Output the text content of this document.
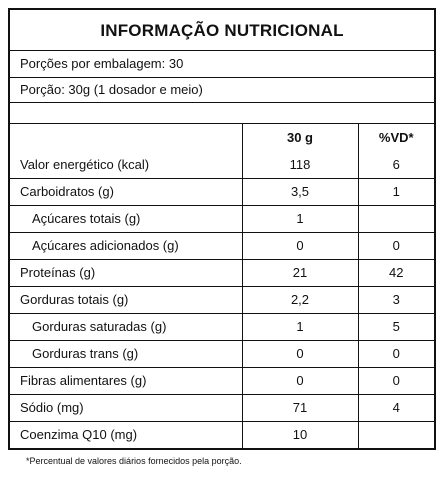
INFORMAÇÃO NUTRICIONAL
Porções por embalagem: 30
Porção: 30g (1 dosador e meio)
	30 g	%VD*
Valor energético (kcal)	118	6
Carboidratos (g)	3,5	1
Açúcares totais (g)	1	
Açúcares adicionados (g)	0	0
Proteínas (g)	21	42
Gorduras totais (g)	2,2	3
Gorduras saturadas (g)	1	5
Gorduras trans (g)	0	0
Fibras alimentares (g)	0	0
Sódio (mg)	71	4
Coenzima Q10 (mg)	10	
*Percentual de valores diários fornecidos pela porção.
